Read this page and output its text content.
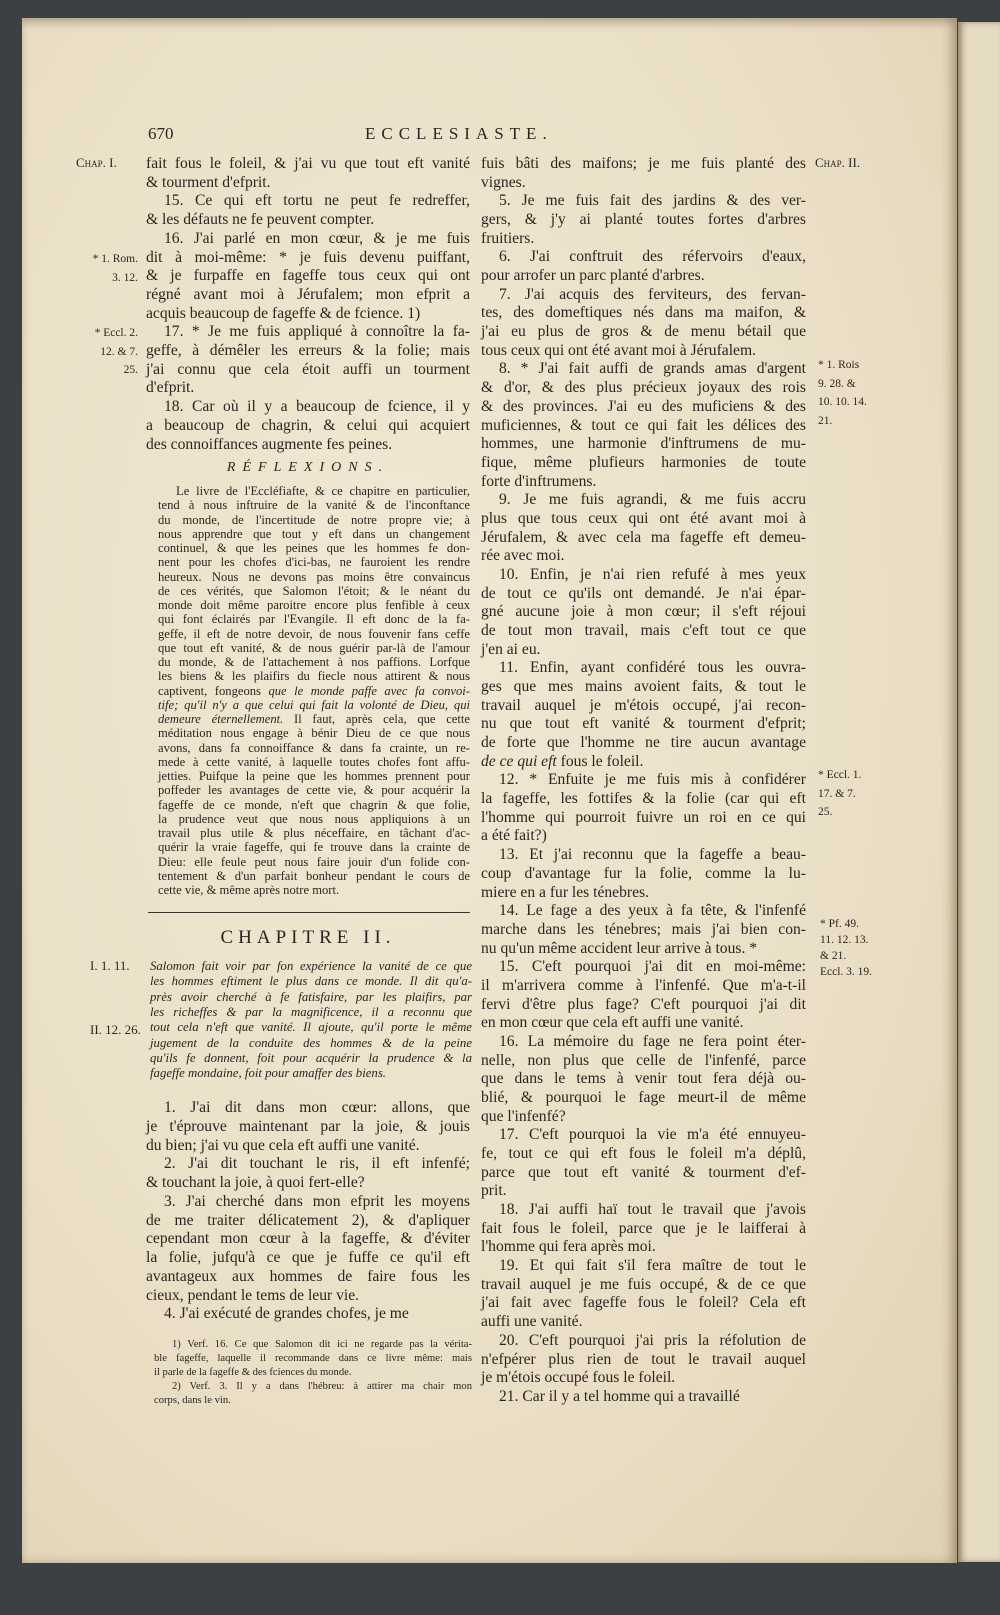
670	ECCLESIASTE.
Chap. I.
* 1. Rom.
3. 12.
* Eccl. 2.
12. & 7.
25.
I. 1. 11.
II. 12. 26.
Chap. II.
* 1. Rois
9. 28. &
10. 10. 14.
21.
* Eccl. 1.
17. & 7.
25.
* Pf. 49.
11. 12. 13.
& 21.
Eccl. 3. 19.
fait fous le foleil, & j'ai vu que tout eft vanité
& tourment d'efprit.
15. Ce qui eft tortu ne peut fe redreffer,
& les défauts ne fe peuvent compter.
16. J'ai parlé en mon cœur, & je me fuis
dit à moi-même: * je fuis devenu puiffant,
& je furpaffe en fageffe tous ceux qui ont
régné avant moi à Jérufalem; mon efprit a
acquis beaucoup de fageffe & de fcience. 1)
17. * Je me fuis appliqué à connoître la fa-
geffe, à démêler les erreurs & la folie; mais
j'ai connu que cela étoit auffi un tourment
d'efprit.
18. Car où il y a beaucoup de fcience, il y
a beaucoup de chagrin, & celui qui acquiert
des connoiffances augmente fes peines.
RÉFLEXIONS.
Le livre de l'Eccléfiafte, & ce chapitre en particulier,
tend à nous inftruire de la vanité & de l'inconftance
du monde, de l'incertitude de notre propre vie; à
nous apprendre que tout y eft dans un changement
continuel, & que les peines que les hommes fe don-
nent pour les chofes d'ici-bas, ne fauroient les rendre
heureux. Nous ne devons pas moins être convaincus
de ces vérités, que Salomon l'étoit; & le néant du
monde doit même paroitre encore plus fenfible à ceux
qui font éclairés par l'Evangile. Il eft donc de la fa-
geffe, il eft de notre devoir, de nous fouvenir fans ceffe
que tout eft vanité, & de nous guérir par-là de l'amour
du monde, & de l'attachement à nos paffions. Lorfque
les biens & les plaifirs du fiecle nous attirent & nous
captivent, fongeons que le monde paffe avec fa convoi-
tife; qu'il n'y a que celui qui fait la volonté de Dieu, qui
demeure éternellement. Il faut, après cela, que cette
méditation nous engage à bénir Dieu de ce que nous
avons, dans fa connoiffance & dans fa crainte, un re-
mede à cette vanité, à laquelle toutes chofes font affu-
jetties. Puifque la peine que les hommes prennent pour
poffeder les avantages de cette vie, & pour acquérir la
fageffe de ce monde, n'eft que chagrin & que folie,
la prudence veut que nous nous appliquions à un
travail plus utile & plus néceffaire, en tâchant d'ac-
quérir la vraie fageffe, qui fe trouve dans la crainte de
Dieu: elle feule peut nous faire jouir d'un folide con-
tentement & d'un parfait bonheur pendant le cours de
cette vie, & même après notre mort.
CHAPITRE II.
Salomon fait voir par fon expérience la vanité de ce que
les hommes eftiment le plus dans ce monde. Il dit qu'a-
près avoir cherché à fe fatisfaire, par les plaifirs, par
les richeffes & par la magnificence, il a reconnu que
tout cela n'eft que vanité. Il ajoute, qu'il porte le même
jugement de la conduite des hommes & de la peine
qu'ils fe donnent, foit pour acquérir la prudence & la
fageffe mondaine, foit pour amaffer des biens.
1. J'ai dit dans mon cœur: allons, que
je t'éprouve maintenant par la joie, & jouis
du bien; j'ai vu que cela eft auffi une vanité.
2. J'ai dit touchant le ris, il eft infenfé;
& touchant la joie, à quoi fert-elle?
3. J'ai cherché dans mon efprit les moyens
de me traiter délicatement 2), & d'apliquer
cependant mon cœur à la fageffe, & d'éviter
la folie, jufqu'à ce que je fuffe ce qu'il eft
avantageux aux hommes de faire fous les
cieux, pendant le tems de leur vie.
4. J'ai exécuté de grandes chofes, je me
1) Verf. 16. Ce que Salomon dit ici ne regarde pas la vérita-
ble fageffe, laquelle il recommande dans ce livre même: mais
il parle de la fageffe & des fciences du monde.
2) Verf. 3. Il y a dans l'hébreu: à attirer ma chair mon
corps, dans le vin.
fuis bâti des maifons; je me fuis planté des
vignes.
5. Je me fuis fait des jardins & des ver-
gers, & j'y ai planté toutes fortes d'arbres
fruitiers.
6. J'ai conftruit des réfervoirs d'eaux,
pour arrofer un parc planté d'arbres.
7. J'ai acquis des ferviteurs, des fervan-
tes, des domeftiques nés dans ma maifon, &
j'ai eu plus de gros & de menu bétail que
tous ceux qui ont été avant moi à Jérufalem.
8. * J'ai fait auffi de grands amas d'argent
& d'or, & des plus précieux joyaux des rois
& des provinces. J'ai eu des muficiens & des
muficiennes, & tout ce qui fait les délices des
hommes, une harmonie d'inftrumens de mu-
fique, même plufieurs harmonies de toute
forte d'inftrumens.
9. Je me fuis agrandi, & me fuis accru
plus que tous ceux qui ont été avant moi à
Jérufalem, & avec cela ma fageffe eft demeu-
rée avec moi.
10. Enfin, je n'ai rien refufé à mes yeux
de tout ce qu'ils ont demandé. Je n'ai épar-
gné aucune joie à mon cœur; il s'eft réjoui
de tout mon travail, mais c'eft tout ce que
j'en ai eu.
11. Enfin, ayant confidéré tous les ouvra-
ges que mes mains avoient faits, & tout le
travail auquel je m'étois occupé, j'ai recon-
nu que tout eft vanité & tourment d'efprit;
de forte que l'homme ne tire aucun avantage
de ce qui eft fous le foleil.
12. * Enfuite je me fuis mis à confidérer
la fageffe, les fottifes & la folie (car qui eft
l'homme qui pourroit fuivre un roi en ce qui
a été fait?)
13. Et j'ai reconnu que la fageffe a beau-
coup d'avantage fur la folie, comme la lu-
miere en a fur les ténebres.
14. Le fage a des yeux à fa tête, & l'infenfé
marche dans les ténebres; mais j'ai bien con-
nu qu'un même accident leur arrive à tous. *
15. C'eft pourquoi j'ai dit en moi-même:
il m'arrivera comme à l'infenfé. Que m'a-t-il
fervi d'être plus fage? C'eft pourquoi j'ai dit
en mon cœur que cela eft auffi une vanité.
16. La mémoire du fage ne fera point éter-
nelle, non plus que celle de l'infenfé, parce
que dans le tems à venir tout fera déjà ou-
blié, & pourquoi le fage meurt-il de même
que l'infenfé?
17. C'eft pourquoi la vie m'a été ennuyeu-
fe, tout ce qui eft fous le foleil m'a déplû,
parce que tout eft vanité & tourment d'ef-
prit.
18. J'ai auffi haï tout le travail que j'avois
fait fous le foleil, parce que je le laifferai à
l'homme qui fera après moi.
19. Et qui fait s'il fera maître de tout le
travail auquel je me fuis occupé, & de ce que
j'ai fait avec fageffe fous le foleil? Cela eft
auffi une vanité.
20. C'eft pourquoi j'ai pris la réfolution de
n'efpérer plus rien de tout le travail auquel
je m'étois occupé fous le foleil.
21. Car il y a tel homme qui a travaillé
